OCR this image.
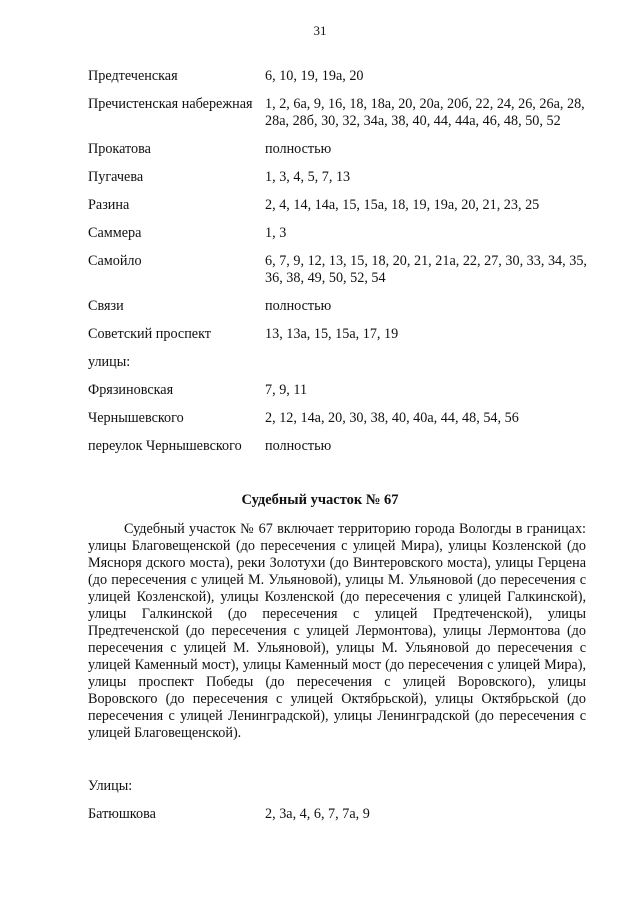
31
Предтеченская	6, 10, 19, 19а, 20
Пречистенская набережная 1, 2, 6а, 9, 16, 18, 18а, 20, 20а, 20б, 22, 24, 26, 26а, 28, 28а, 28б, 30, 32, 34а, 38, 40, 44, 44а, 46, 48, 50, 52
Прокатова	полностью
Пугачева	1, 3, 4, 5, 7, 13
Разина	2, 4, 14, 14а, 15, 15а, 18, 19, 19а, 20, 21, 23, 25
Саммера	1, 3
Самойло	6, 7, 9, 12, 13, 15, 18, 20, 21, 21а, 22, 27, 30, 33, 34, 35, 36, 38, 49, 50, 52, 54
Связи	полностью
Советский проспект	13, 13а, 15, 15а, 17, 19
улицы:
Фрязиновская	7, 9, 11
Чернышевского	2, 12, 14а, 20, 30, 38, 40, 40а, 44, 48, 54, 56
переулок Чернышевского	полностью
Судебный участок № 67
Судебный участок № 67 включает территорию города Вологды в границах: улицы Благовещенской (до пересечения с улицей Мира), улицы Козленской (до Мясноря дского моста), реки Золотухи (до Винтеровского моста), улицы Герцена (до пересечения с улицей М. Ульяновой), улицы М. Ульяновой (до пересечения с улицей Козленской), улицы Козленской (до пересечения с улицей Галкинской), улицы Галкинской (до пересечения с улицей Предтеченской), улицы Предтеченской (до пересечения с улицей Лермонтова), улицы Лермонтова (до пересечения с улицей М. Ульяновой), улицы М. Ульяновой до пересечения с улицей Каменный мост), улицы Каменный мост (до пересечения с улицей Мира), улицы проспект Победы (до пересечения с улицей Воровского), улицы Воровского (до пересечения с улицей Октябрьской), улицы Октябрьской (до пересечения с улицей Ленинградской), улицы Ленинградской (до пересечения с улицей Благовещенской).
Улицы:
Батюшкова	2, 3а, 4, 6, 7, 7а, 9
